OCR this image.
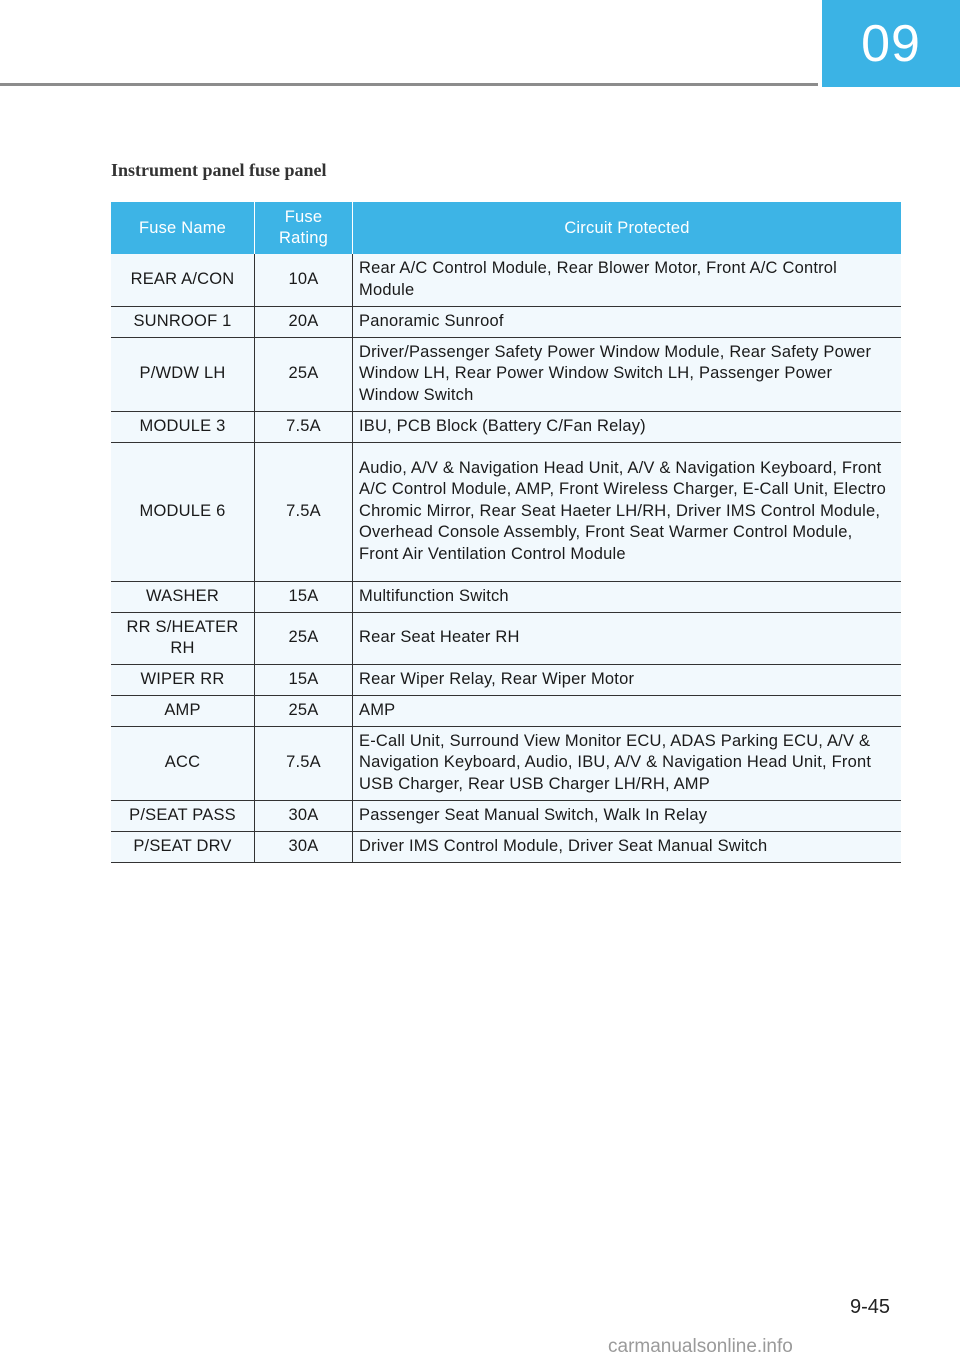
09
Instrument panel fuse panel
Fuse Name	Fuse Rating	Circuit Protected
REAR A/CON	10A	Rear A/C Control Module, Rear Blower Motor, Front A/C Control Module
SUNROOF 1	20A	Panoramic Sunroof
P/WDW LH	25A	Driver/Passenger Safety Power Window Module, Rear Safety Power Window LH, Rear Power Window Switch LH, Passenger Power Window Switch
MODULE 3	7.5A	IBU, PCB Block (Battery C/Fan Relay)
MODULE 6	7.5A	Audio, A/V & Navigation Head Unit, A/V & Navigation Keyboard, Front A/C Control Module, AMP, Front Wireless Charger, E-Call Unit, Electro Chromic Mirror, Rear Seat Haeter LH/RH, Driver IMS Control Module, Overhead Console Assembly, Front Seat Warmer Control Module, Front Air Ventilation Control Module
WASHER	15A	Multifunction Switch
RR S/HEATER RH	25A	Rear Seat Heater RH
WIPER RR	15A	Rear Wiper Relay, Rear Wiper Motor
AMP	25A	AMP
ACC	7.5A	E-Call Unit, Surround View Monitor ECU, ADAS Parking ECU, A/V & Navigation Keyboard, Audio, IBU, A/V & Navigation Head Unit, Front USB Charger, Rear USB Charger LH/RH, AMP
P/SEAT PASS	30A	Passenger Seat Manual Switch, Walk In Relay
P/SEAT DRV	30A	Driver IMS Control Module, Driver Seat Manual Switch
9-45
carmanualsonline.info
